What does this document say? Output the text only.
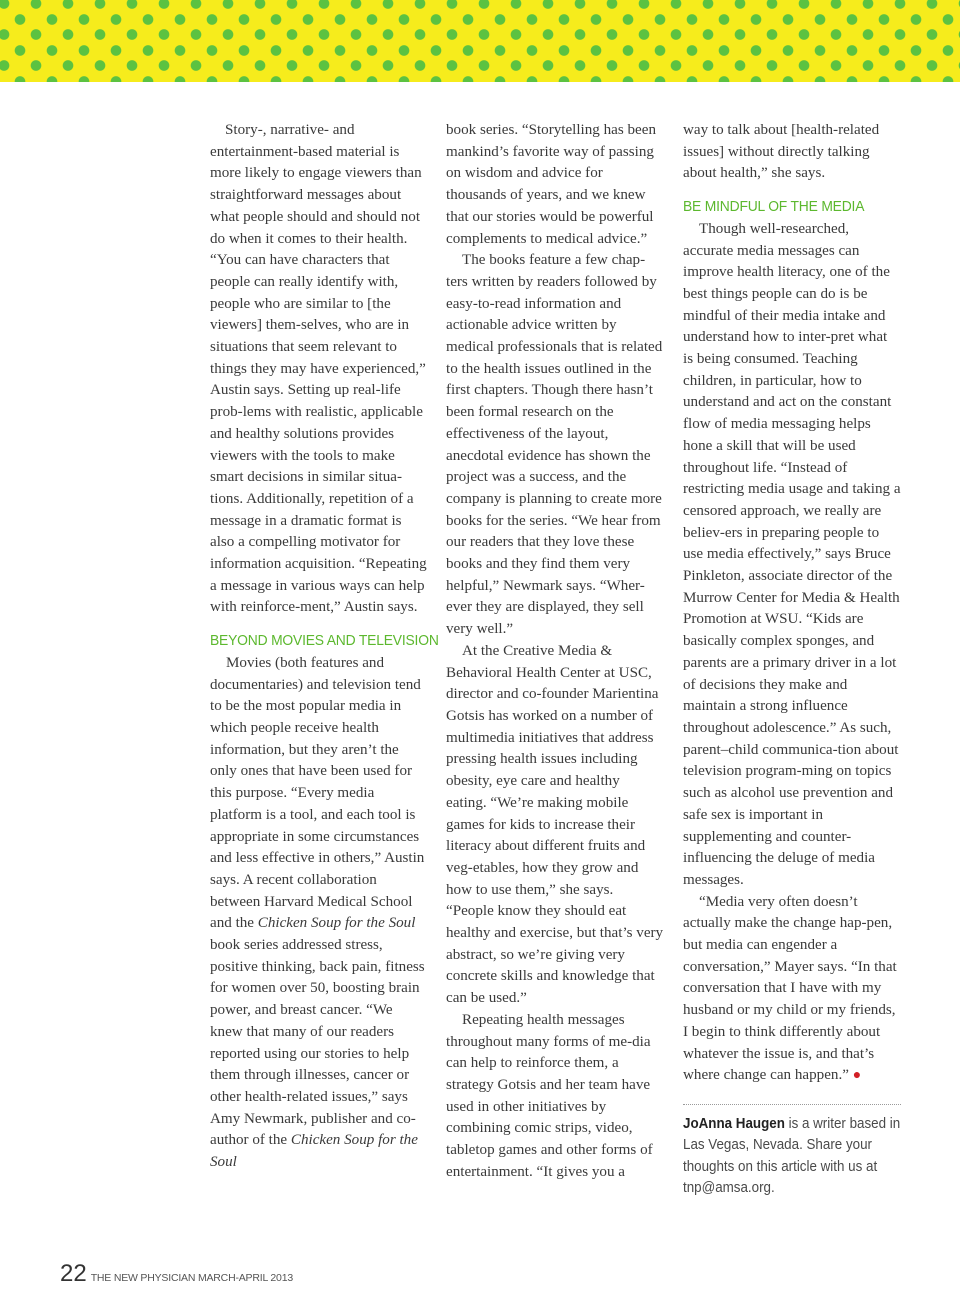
Story-, narrative- and entertainment-based material is more likely to engage viewers than straightforward messages about what people should and should not do when it comes to their health. “You can have characters that people can really identify with, people who are similar to [the viewers] them-selves, who are in situations that seem relevant to things they may have experienced,” Austin says. Setting up real-life prob-lems with realistic, applicable and healthy solutions provides viewers with the tools to make smart decisions in similar situa-tions. Additionally, repetition of a message in a dramatic format is also a compelling motivator for information acquisition. “Repeating a message in various ways can help with reinforce-ment,” Austin says.

BEYOND MOVIES AND TELEVISION

Movies (both features and documentaries) and television tend to be the most popular media in which people receive health information, but they aren’t the only ones that have been used for this purpose. “Every media platform is a tool, and each tool is appropriate in some circumstances and less effective in others,” Austin says. A recent collaboration between Harvard Medical School and the Chicken Soup for the Soul book series addressed stress, positive thinking, back pain, fitness for women over 50, boosting brain power, and breast cancer. “We knew that many of our readers reported using our stories to help them through illnesses, cancer or other health-related issues,” says Amy Newmark, publisher and co-author of the Chicken Soup for the Soul

book series. “Storytelling has been mankind’s favorite way of passing on wisdom and advice for thousands of years, and we knew that our stories would be powerful complements to medical advice.”

The books feature a few chap-ters written by readers followed by easy-to-read information and actionable advice written by medical professionals that is related to the health issues outlined in the first chapters. Though there hasn’t been formal research on the effectiveness of the layout, anecdotal evidence has shown the project was a success, and the company is planning to create more books for the series. “We hear from our readers that they love these books and they find them very helpful,” Newmark says. “Wher-ever they are displayed, they sell very well.”

At the Creative Media & Behavioral Health Center at USC, director and co-founder Marientina Gotsis has worked on a number of multimedia initiatives that address pressing health issues including obesity, eye care and healthy eating. “We’re making mobile games for kids to increase their literacy about different fruits and veg-etables, how they grow and how to use them,” she says. “People know they should eat healthy and exercise, but that’s very abstract, so we’re giving very concrete skills and knowledge that can be used.”

Repeating health messages throughout many forms of me-dia can help to reinforce them, a strategy Gotsis and her team have used in other initiatives by combining comic strips, video, tabletop games and other forms of entertainment. “It gives you a

way to talk about [health-related issues] without directly talking about health,” she says.

BE MINDFUL OF THE MEDIA

Though well-researched, accurate media messages can improve health literacy, one of the best things people can do is be mindful of their media intake and understand how to inter-pret what is being consumed. Teaching children, in particular, how to understand and act on the constant flow of media messaging helps hone a skill that will be used throughout life. “Instead of restricting media usage and taking a censored approach, we really are believ-ers in preparing people to use media effectively,” says Bruce Pinkleton, associate director of the Murrow Center for Media & Health Promotion at WSU. “Kids are basically complex sponges, and parents are a primary driver in a lot of decisions they make and maintain a strong influence throughout adolescence.” As such, parent–child communica-tion about television program-ming on topics such as alcohol use prevention and safe sex is important in supplementing and counter-influencing the deluge of media messages.

“Media very often doesn’t actually make the change hap-pen, but media can engender a conversation,” Mayer says. “In that conversation that I have with my husband or my child or my friends, I begin to think differently about whatever the issue is, and that’s where change can happen.” ●

JoAnna Haugen is a writer based in Las Vegas, Nevada. Share your thoughts on this article with us at tnp@amsa.org.
22 THE NEW PHYSICIAN MARCH-APRIL 2013
